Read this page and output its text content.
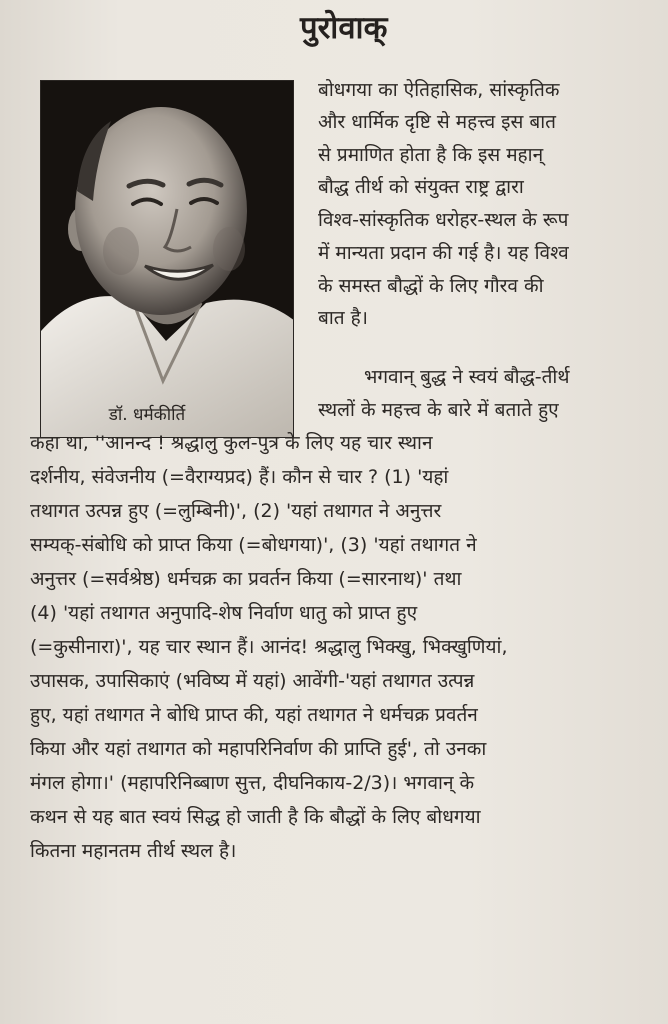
पुरोवाक्
डॉ. धर्मकीर्ति
बोधगया का ऐतिहासिक, सांस्कृतिक
और धार्मिक दृष्टि से महत्त्व इस बात
से प्रमाणित होता है कि इस महान्
बौद्ध तीर्थ को संयुक्त राष्ट्र द्वारा
विश्व-सांस्कृतिक धरोहर-स्थल के रूप
में मान्यता प्रदान की गई है। यह विश्व
के समस्त बौद्धों के लिए गौरव की
बात है।
भगवान् बुद्ध ने स्वयं बौद्ध-तीर्थ
स्थलों के महत्त्व के बारे में बताते हुए
कहा था, ''आनन्द ! श्रद्धालु कुल-पुत्र के लिए यह चार स्थान
दर्शनीय, संवेजनीय (=वैराग्यप्रद) हैं। कौन से चार ? (1) 'यहां
तथागत उत्पन्न हुए (=लुम्बिनी)', (2) 'यहां तथागत ने अनुत्तर
सम्यक्-संबोधि को प्राप्त किया (=बोधगया)', (3) 'यहां तथागत ने
अनुत्तर (=सर्वश्रेष्ठ) धर्मचक्र का प्रवर्तन किया (=सारनाथ)' तथा
(4) 'यहां तथागत अनुपादि-शेष निर्वाण धातु को प्राप्त हुए
(=कुसीनारा)', यह चार स्थान हैं। आनंद! श्रद्धालु भिक्खु, भिक्खुणियां,
उपासक, उपासिकाएं (भविष्य में यहां) आवेंगी-'यहां तथागत उत्पन्न
हुए, यहां तथागत ने बोधि प्राप्त की, यहां तथागत ने धर्मचक्र प्रवर्तन
किया और यहां तथागत को महापरिनिर्वाण की प्राप्ति हुई', तो उनका
मंगल होगा।' (महापरिनिब्बाण सुत्त, दीघनिकाय-2/3)। भगवान् के
कथन से यह बात स्वयं सिद्ध हो जाती है कि बौद्धों के लिए बोधगया
कितना महानतम तीर्थ स्थल है।
